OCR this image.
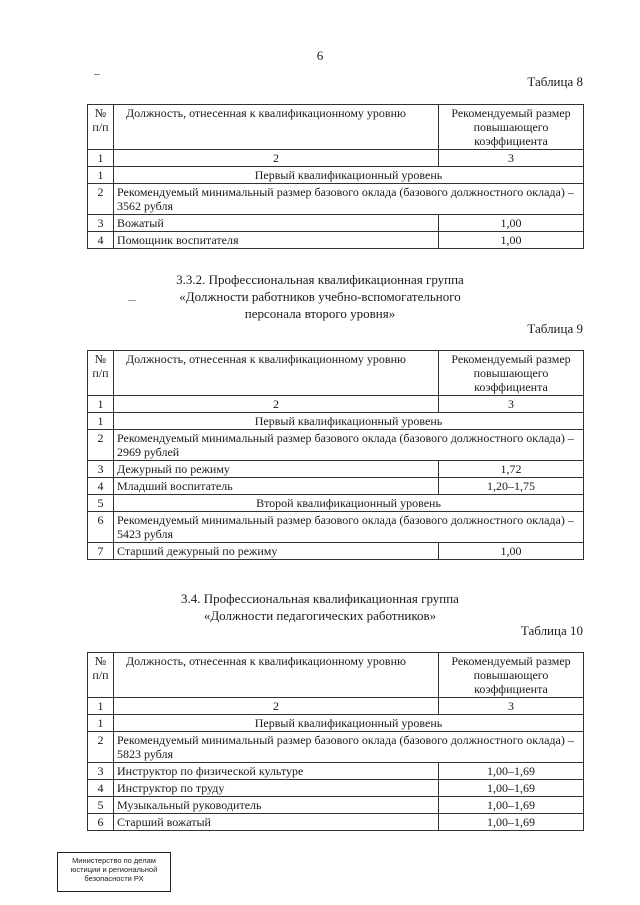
6
Таблица 8
№ п/п	Должность, отнесенная к квалификационному уровню	Рекомендуемый размер повышающего коэффициента
1	2	3
1	Первый квалификационный уровень	
2	Рекомендуемый минимальный размер базового оклада (базового должностного оклада) – 3562 рубля	
3	Вожатый	1,00
4	Помощник воспитателя	1,00
3.3.2. Профессиональная квалификационная группа
«Должности работников учебно-вспомогательного
персонала второго уровня»
Таблица 9
№ п/п	Должность, отнесенная к квалификационному уровню	Рекомендуемый размер повышающего коэффициента
1	2	3
1	Первый квалификационный уровень	
2	Рекомендуемый минимальный размер базового оклада (базового должностного оклада) – 2969 рублей	
3	Дежурный по режиму	1,72
4	Младший воспитатель	1,20–1,75
5	Второй квалификационный уровень	
6	Рекомендуемый минимальный размер базового оклада (базового должностного оклада) – 5423 рубля	
7	Старший дежурный по режиму	1,00
3.4. Профессиональная квалификационная группа
«Должности педагогических работников»
Таблица 10
№ п/п	Должность, отнесенная к квалификационному уровню	Рекомендуемый размер повышающего коэффициента
1	2	3
1	Первый квалификационный уровень	
2	Рекомендуемый минимальный размер базового оклада (базового должностного оклада) – 5823 рубля	
3	Инструктор по физической культуре	1,00–1,69
4	Инструктор по труду	1,00–1,69
5	Музыкальный руководитель	1,00–1,69
6	Старший вожатый	1,00–1,69
Министерство по делам
юстиции и региональной
безопасности РХ
